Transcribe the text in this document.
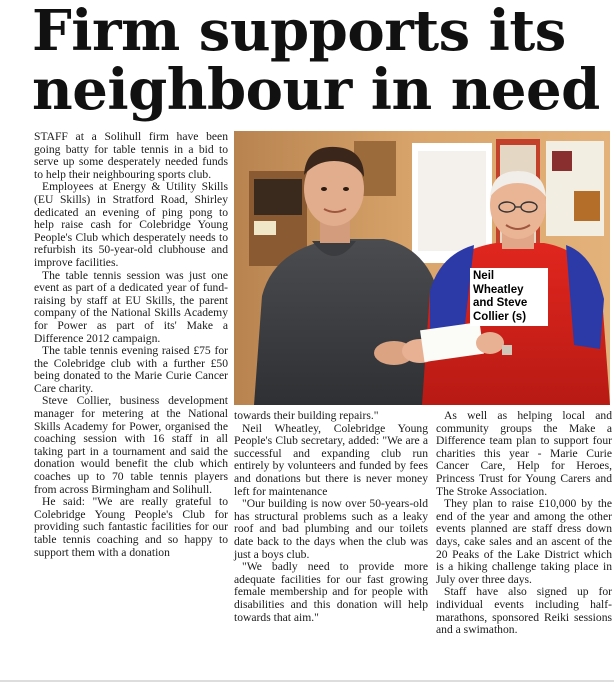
Firm supports its
neighbour in need

STAFF at a Solihull firm have been going batty for table tennis in a bid to serve up some desperately needed funds to help their neighbouring sports club.

Employees at Energy & Utility Skills (EU Skills) in Stratford Road, Shirley dedicated an evening of ping pong to help raise cash for Colebridge Young People's Club which desperately needs to refurbish its 50-year-old clubhouse and improve facilities.

The table tennis session was just one event as part of a dedicated year of fund-raising by staff at EU Skills, the parent company of the National Skills Academy for Power as part of its' Make a Difference 2012 campaign.

The table tennis evening raised £75 for the Colebridge club with a further £50 being donated to the Marie Curie Cancer Care charity.

Steve Collier, business development manager for metering at the National Skills Academy for Power, organised the coaching session with 16 staff in all taking part in a tournament and said the donation would benefit the club which coaches up to 70 table tennis players from across Birmingham and Solihull.

He said: "We are really grateful to Colebridge Young People's Club for providing such fantastic facilities for our table tennis coaching and so happy to support them with a donation

Neil
Wheatley
and Steve
Collier (s)

towards their building repairs."

Neil Wheatley, Colebridge Young People's Club secretary, added: "We are a successful and expanding club run entirely by volunteers and funded by fees and donations but there is never money left for maintenance

"Our building is now over 50-years-old has structural problems such as a leaky roof and bad plumbing and our toilets date back to the days when the club was just a boys club.

"We badly need to provide more adequate facilities for our fast growing female membership and for people with disabilities and this donation will help towards that aim."

As well as helping local and community groups the Make a Difference team plan to support four charities this year - Marie Curie Cancer Care, Help for Heroes, Princess Trust for Young Carers and The Stroke Association.

They plan to raise £10,000 by the end of the year and among the other events planned are staff dress down days, cake sales and an ascent of the 20 Peaks of the Lake District which is a hiking challenge taking place in July over three days.

Staff have also signed up for individual events including half-marathons, sponsored Reiki sessions and a swimathon.
